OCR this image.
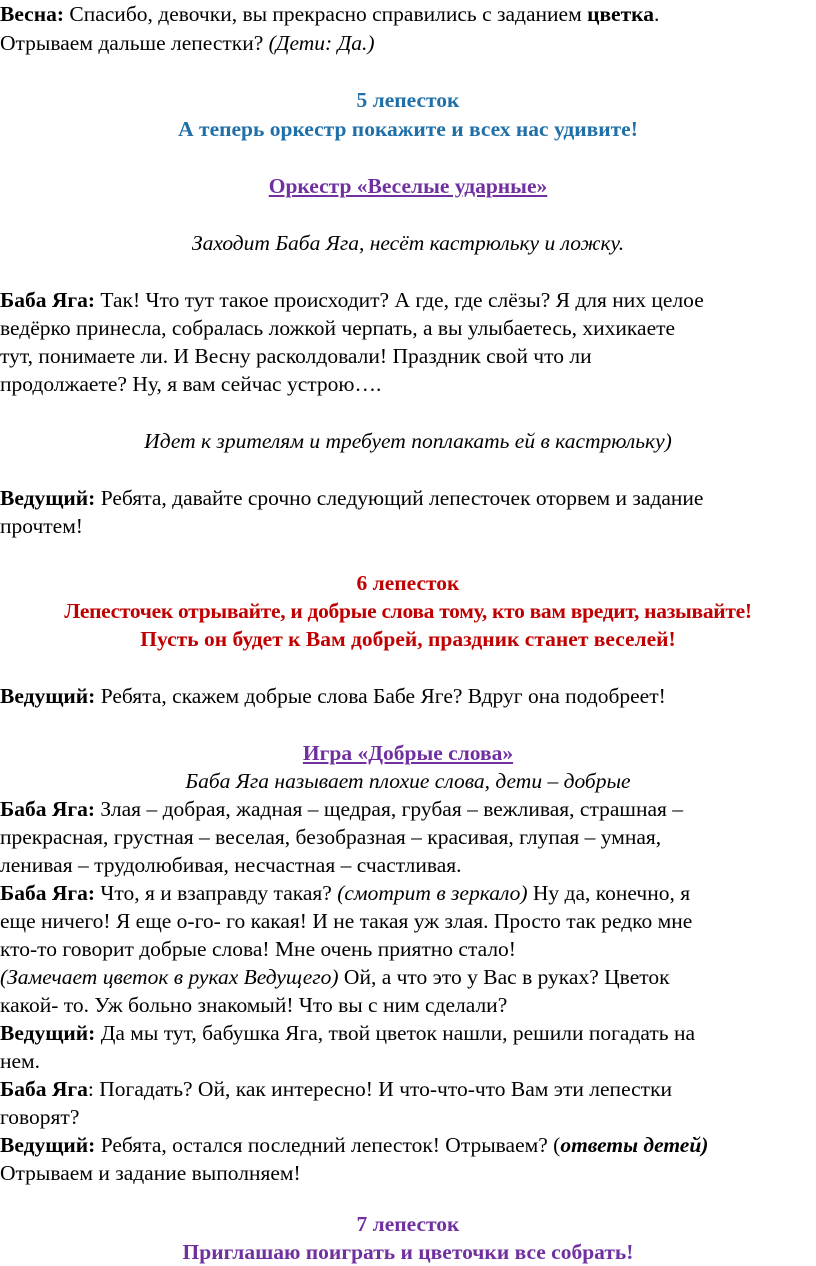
Весна: Спасибо, девочки, вы прекрасно справились с заданием цветка.
Отрываем дальше лепестки? (Дети: Да.)
5 лепесток
А теперь оркестр покажите и всех нас удивите!
Оркестр «Веселые ударные»
Заходит Баба Яга, несёт кастрюльку и ложку.
Баба Яга: Так! Что тут такое происходит? А где, где слёзы? Я для них целое
ведёрко принесла, собралась ложкой черпать, а вы улыбаетесь, хихикаете
тут, понимаете ли. И Весну расколдовали! Праздник свой что ли
продолжаете? Ну, я вам сейчас устрою….
Идет к зрителям и требует поплакать ей в кастрюльку)
Ведущий: Ребята, давайте срочно следующий лепесточек оторвем и задание
прочтем!
6 лепесток
Лепесточек отрывайте, и добрые слова тому, кто вам вредит, называйте!
Пусть он будет к Вам добрей, праздник станет веселей!
Ведущий: Ребята, скажем добрые слова Бабе Яге? Вдруг она подобреет!
Игра «Добрые слова»
Баба Яга называет плохие слова, дети – добрые
Баба Яга: Злая – добрая, жадная – щедрая, грубая – вежливая, страшная –
прекрасная, грустная – веселая, безобразная – красивая, глупая – умная,
ленивая – трудолюбивая, несчастная – счастливая.
Баба Яга: Что, я и взаправду такая? (смотрит в зеркало) Ну да, конечно, я
еще ничего! Я еще о-го- го какая! И не такая уж злая. Просто так редко мне
кто-то говорит добрые слова! Мне очень приятно стало!
(Замечает цветок в руках Ведущего) Ой, а что это у Вас в руках? Цветок
какой- то. Уж больно знакомый! Что вы с ним сделали?
Ведущий: Да мы тут, бабушка Яга, твой цветок нашли, решили погадать на
нем.
Баба Яга: Погадать? Ой, как интересно! И что-что-что Вам эти лепестки
говорят?
Ведущий: Ребята, остался последний лепесток! Отрываем? (ответы детей)
Отрываем и задание выполняем!
7 лепесток
Приглашаю поиграть и цветочки все собрать!
